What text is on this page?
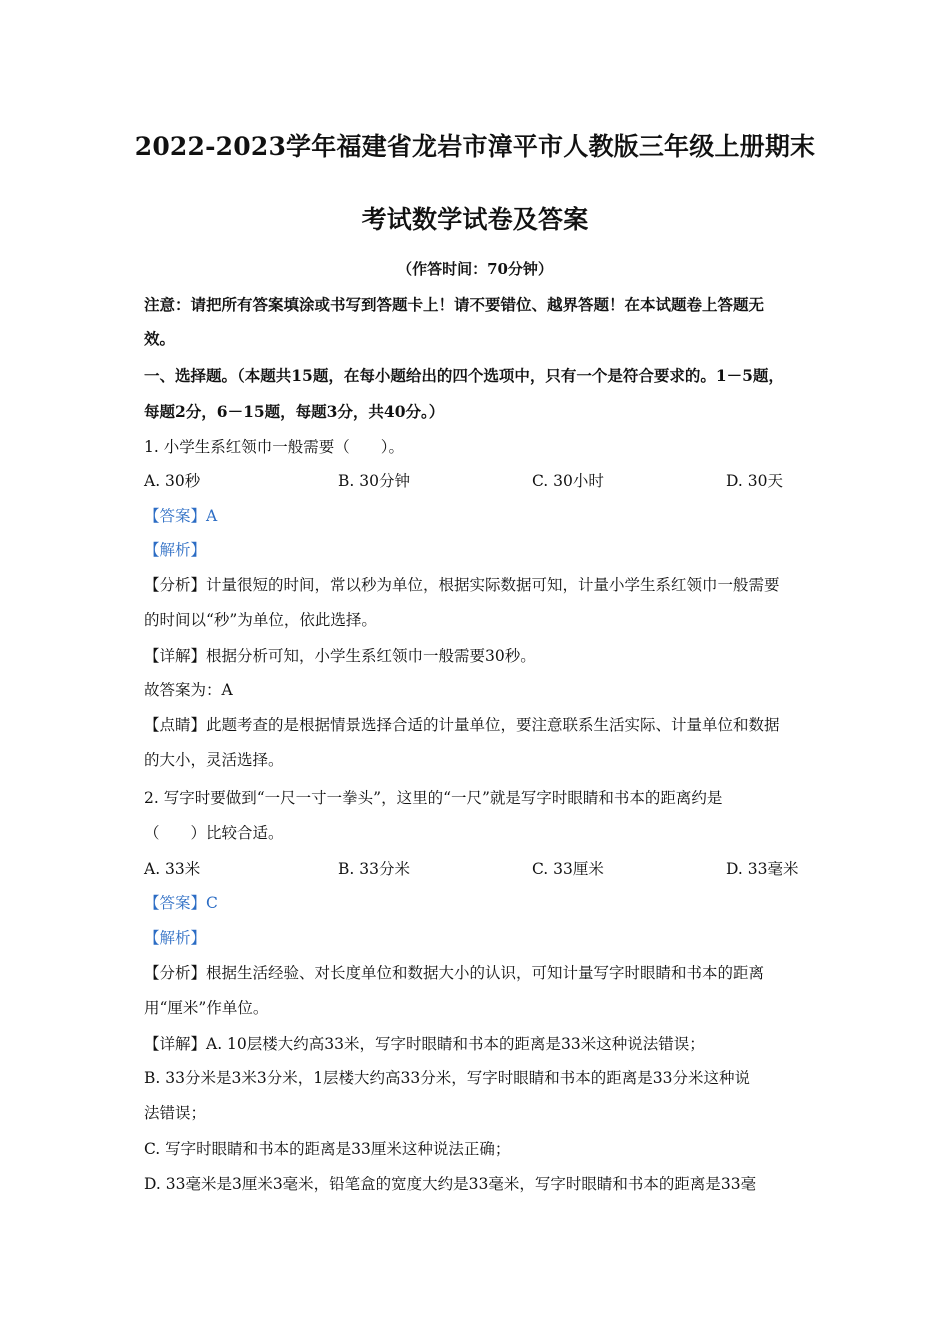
2022-2023学年福建省龙岩市漳平市人教版三年级上册期末
考试数学试卷及答案
（作答时间：70分钟）
注意：请把所有答案填涂或书写到答题卡上！请不要错位、越界答题！在本试题卷上答题无
效。
一、选择题。（本题共15题，在每小题给出的四个选项中，只有一个是符合要求的。1－5题，
每题2分，6－15题，每题3分，共40分。）
1. 小学生系红领巾一般需要（　　）。
A. 30秒	B. 30分钟	C. 30小时	D. 30天
【答案】A
【解析】
【分析】计量很短的时间，常以秒为单位，根据实际数据可知，计量小学生系红领巾一般需要
的时间以“秒”为单位，依此选择。
【详解】根据分析可知，小学生系红领巾一般需要30秒。
故答案为：A
【点睛】此题考查的是根据情景选择合适的计量单位，要注意联系生活实际、计量单位和数据
的大小，灵活选择。
2. 写字时要做到“一尺一寸一拳头”，这里的“一尺”就是写字时眼睛和书本的距离约是
（　　）比较合适。
A. 33米	B. 33分米	C. 33厘米	D. 33毫米
【答案】C
【解析】
【分析】根据生活经验、对长度单位和数据大小的认识，可知计量写字时眼睛和书本的距离
用“厘米”作单位。
【详解】A. 10层楼大约高33米，写字时眼睛和书本的距离是33米这种说法错误；
B. 33分米是3米3分米，1层楼大约高33分米，写字时眼睛和书本的距离是33分米这种说
法错误；
C. 写字时眼睛和书本的距离是33厘米这种说法正确；
D. 33毫米是3厘米3毫米，铅笔盒的宽度大约是33毫米，写字时眼睛和书本的距离是33毫
